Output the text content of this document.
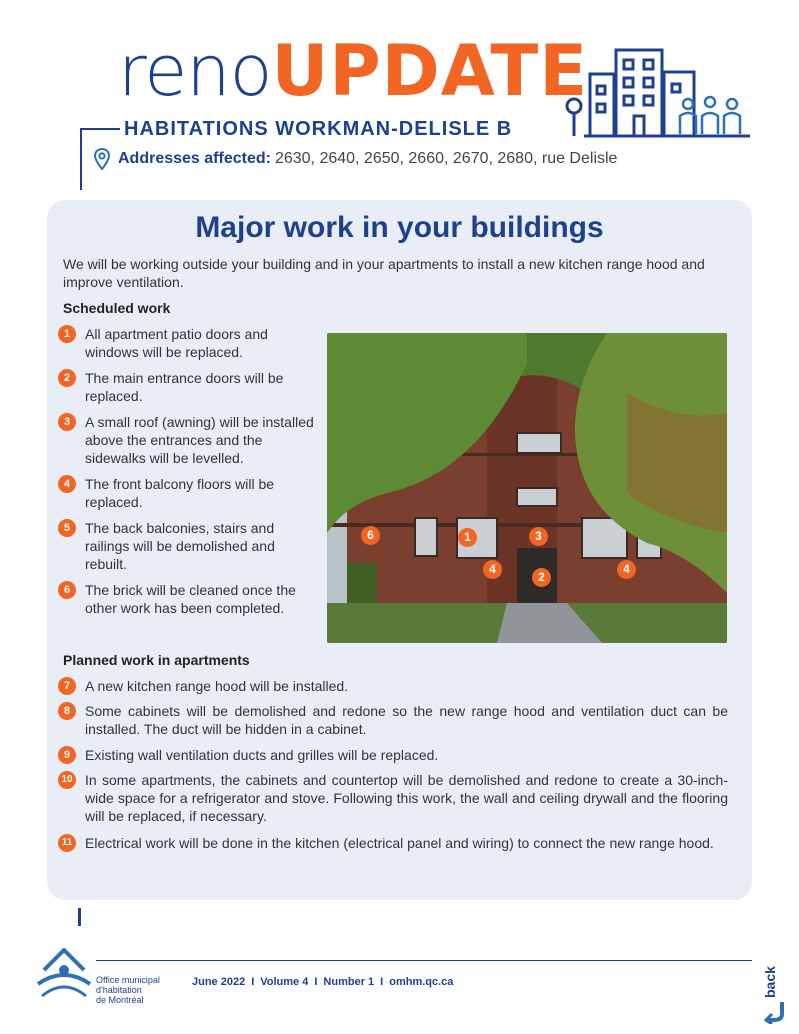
renoUPDATE
HABITATIONS WORKMAN-DELISLE B
Addresses affected: 2630, 2640, 2650, 2660, 2670, 2680, rue Delisle
Major work in your buildings

We will be working outside your building and in your apartments to install a new kitchen range hood and improve ventilation.

Scheduled work
1	All apartment patio doors and windows will be replaced.
2	The main entrance doors will be replaced.
3	A small roof (awning) will be installed above the entrances and the sidewalks will be levelled.
4	The front balcony floors will be replaced.
5	The back balconies, stairs and railings will be demolished and rebuilt.
6	The brick will be cleaned once the other work has been completed.
6	1	3
4
2
4
Planned work in apartments
7	A new kitchen range hood will be installed.
8	Some cabinets will be demolished and redone so the new range hood and ventilation duct can be installed. The duct will be hidden in a cabinet.
9	Existing wall ventilation ducts and grilles will be replaced.
10 In some apartments, the cabinets and countertop will be demolished and redone to create a 30-inch-wide space for a refrigerator and stove. Following this work, the wall and ceiling drywall and the flooring will be replaced, if necessary.
11 Electrical work will be done in the kitchen (electrical panel and wiring) to connect the new range hood.
Office municipal
d'habitation
de Montréal
June 2022 I Volume 4 I Number 1 I omhm.qc.ca	back
